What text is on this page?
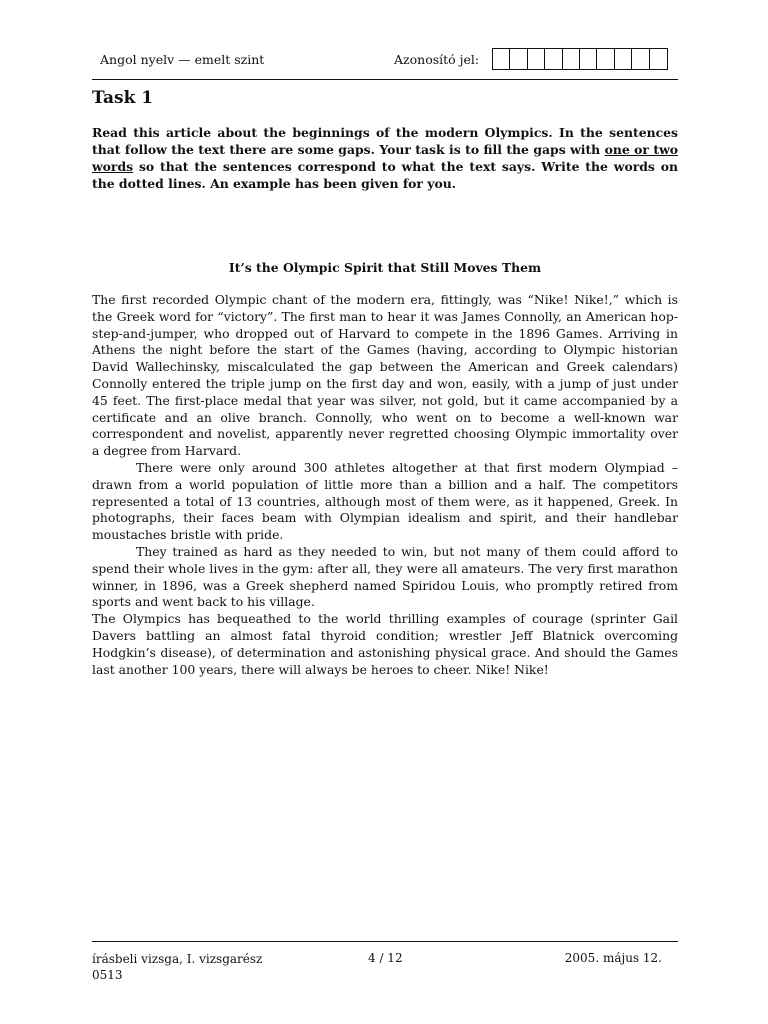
Angol nyelv — emelt szint	Azonosító jel:
Task 1
Read this article about the beginnings of the modern Olympics. In the sentences that follow the text there are some gaps. Your task is to fill the gaps with one or two words so that the sentences correspond to what the text says. Write the words on the dotted lines. An example has been given for you.
It’s the Olympic Spirit that Still Moves Them

The first recorded Olympic chant of the modern era, fittingly, was “Nike! Nike!,” which is the Greek word for “victory”. The first man to hear it was James Connolly, an American hop-step-and-jumper, who dropped out of Harvard to compete in the 1896 Games. Arriving in Athens the night before the start of the Games (having, according to Olympic historian David Wallechinsky, miscalculated the gap between the American and Greek calendars) Connolly entered the triple jump on the first day and won, easily, with a jump of just under 45 feet. The first-place medal that year was silver, not gold, but it came accompanied by a certificate and an olive branch. Connolly, who went on to become a well-known war correspondent and novelist, apparently never regretted choosing Olympic immortality over a degree from Harvard.

There were only around 300 athletes altogether at that first modern Olympiad – drawn from a world population of little more than a billion and a half. The competitors represented a total of 13 countries, although most of them were, as it happened, Greek. In photographs, their faces beam with Olympian idealism and spirit, and their handlebar moustaches bristle with pride.

They trained as hard as they needed to win, but not many of them could afford to spend their whole lives in the gym: after all, they were all amateurs. The very first marathon winner, in 1896, was a Greek shepherd named Spiridou Louis, who promptly retired from sports and went back to his village.

The Olympics has bequeathed to the world thrilling examples of courage (sprinter Gail Davers battling an almost fatal thyroid condition; wrestler Jeff Blatnick overcoming Hodgkin’s disease), of determination and astonishing physical grace. And should the Games last another 100 years, there will always be heroes to cheer. Nike! Nike!

írásbeli vizsga, I. vizsgarész
0513
4 / 12	2005. május 12.
